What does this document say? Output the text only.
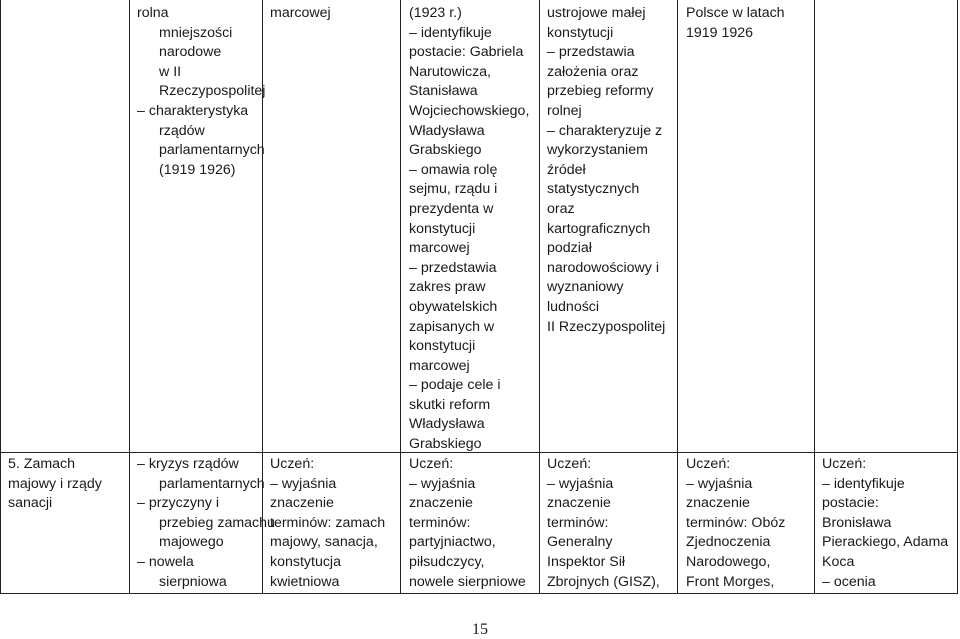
5. Zamach
majowy i rządy
sanacji
rolna
mniejszości
narodowe
w II
Rzeczypospolitej
– charakterystyka
rządów
parlamentarnych
(1919 1926)
– kryzys rządów
parlamentarnych
– przyczyny i
przebieg zamachu
majowego
– nowela
sierpniowa
marcowej
Uczeń:
– wyjaśnia
znaczenie
terminów: zamach
majowy, sanacja,
konstytucja
kwietniowa
(1923 r.)
– identyfikuje
postacie: Gabriela
Narutowicza,
Stanisława
Wojciechowskiego,
Władysława
Grabskiego
– omawia rolę
sejmu, rządu i
prezydenta w
konstytucji
marcowej
– przedstawia
zakres praw
obywatelskich
zapisanych w
konstytucji
marcowej
– podaje cele i
skutki reform
Władysława
Grabskiego
Uczeń:
– wyjaśnia
znaczenie
terminów:
partyjniactwo,
piłsudczycy,
nowele sierpniowe
ustrojowe małej
konstytucji
– przedstawia
założenia oraz
przebieg reformy
rolnej
– charakteryzuje z
wykorzystaniem
źródeł
statystycznych
oraz
kartograficznych
podział
narodowościowy i
wyznaniowy
ludności
II Rzeczypospolitej
Uczeń:
– wyjaśnia
znaczenie
terminów:
Generalny
Inspektor Sił
Zbrojnych (GISZ),
Polsce w latach
1919 1926
Uczeń:
– wyjaśnia
znaczenie
terminów: Obóz
Zjednoczenia
Narodowego,
Front Morges,
Uczeń:
– identyfikuje
postacie:
Bronisława
Pierackiego, Adama
Koca
– ocenia
15
